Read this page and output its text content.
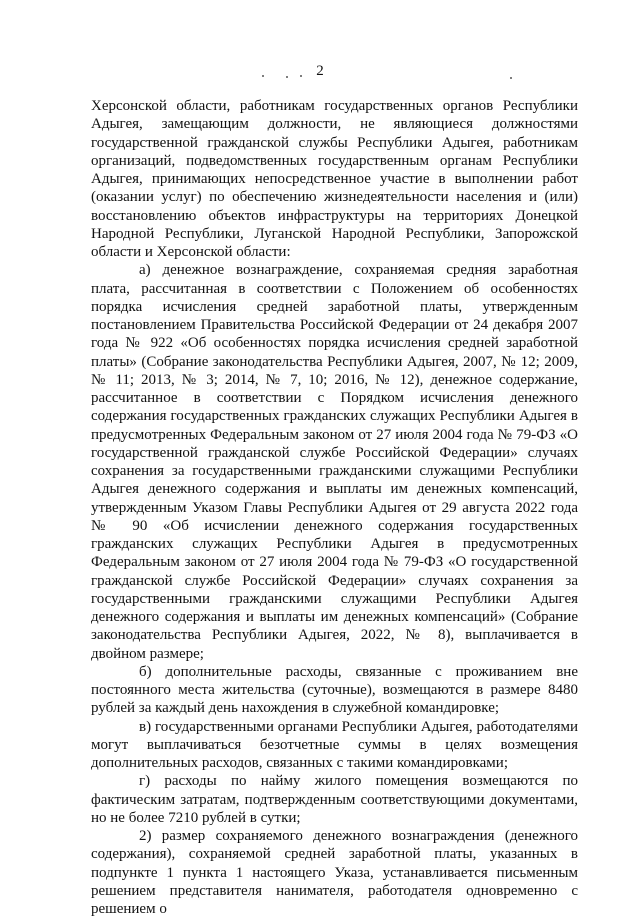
2

Херсонской области, работникам государственных органов Республики Адыгея, замещающим должности, не являющиеся должностями государственной гражданской службы Республики Адыгея, работникам организаций, подведомственных государственным органам Республики Адыгея, принимающих непосредственное участие в выполнении работ (оказании услуг) по обеспечению жизнедеятельности населения и (или) восстановлению объектов инфраструктуры на территориях Донецкой Народной Республики, Луганской Народной Республики, Запорожской области и Херсонской области:

а) денежное вознаграждение, сохраняемая средняя заработная плата, рассчитанная в соответствии с Положением об особенностях порядка исчисления средней заработной платы, утвержденным постановлением Правительства Российской Федерации от 24 декабря 2007 года № 922 «Об особенностях порядка исчисления средней заработной платы» (Собрание законодательства Республики Адыгея, 2007, № 12; 2009, № 11; 2013, № 3; 2014, № 7, 10; 2016, № 12), денежное содержание, рассчитанное в соответствии с Порядком исчисления денежного содержания государственных гражданских служащих Республики Адыгея в предусмотренных Федеральным законом от 27 июля 2004 года № 79-ФЗ «О государственной гражданской службе Российской Федерации» случаях сохранения за государственными гражданскими служащими Республики Адыгея денежного содержания и выплаты им денежных компенсаций, утвержденным Указом Главы Республики Адыгея от 29 августа 2022 года № 90 «Об исчислении денежного содержания государственных гражданских служащих Республики Адыгея в предусмотренных Федеральным законом от 27 июля 2004 года № 79-ФЗ «О государственной гражданской службе Российской Федерации» случаях сохранения за государственными гражданскими служащими Республики Адыгея денежного содержания и выплаты им денежных компенсаций» (Собрание законодательства Республики Адыгея, 2022, № 8), выплачивается в двойном размере;

б) дополнительные расходы, связанные с проживанием вне постоянного места жительства (суточные), возмещаются в размере 8480 рублей за каждый день нахождения в служебной командировке;

в) государственными органами Республики Адыгея, работодателями могут выплачиваться безотчетные суммы в целях возмещения дополнительных расходов, связанных с такими командировками;

г) расходы по найму жилого помещения возмещаются по фактическим затратам, подтвержденным соответствующими документами, но не более 7210 рублей в сутки;

2) размер сохраняемого денежного вознаграждения (денежного содержания), сохраняемой средней заработной платы, указанных в подпункте 1 пункта 1 настоящего Указа, устанавливается письменным решением представителя нанимателя, работодателя одновременно с решением о
